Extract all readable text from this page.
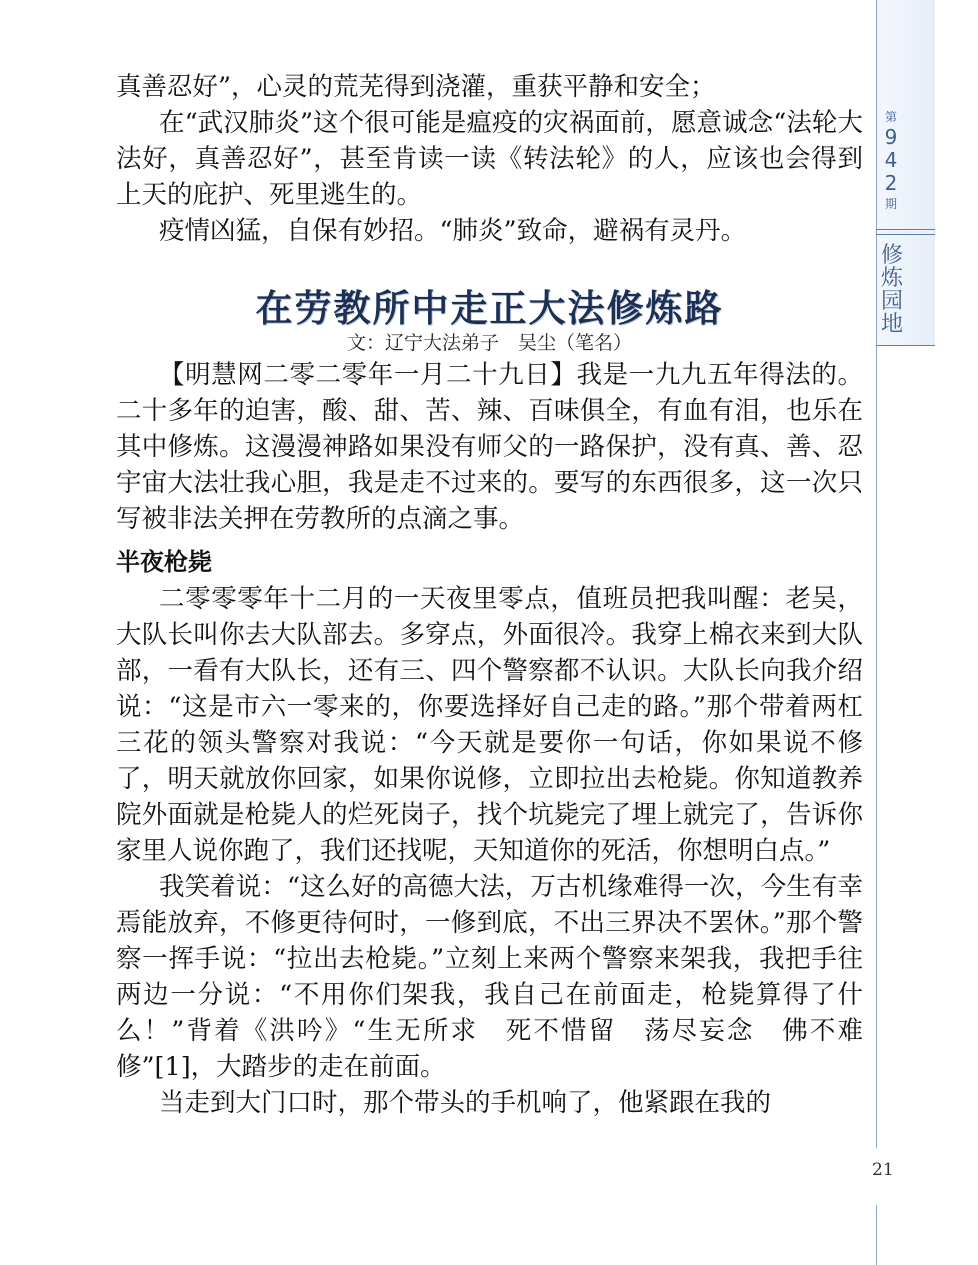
第
9
4
2
期
修
炼
园
地
21

真善忍好”，心灵的荒芜得到浇灌，重获平静和安全；

在“武汉肺炎”这个很可能是瘟疫的灾祸面前，愿意诚念“法轮大法好，真善忍好”，甚至肯读一读《转法轮》的人，应该也会得到上天的庇护、死里逃生的。

疫情凶猛，自保有妙招。“肺炎”致命，避祸有灵丹。

在劳教所中走正大法修炼路
文：辽宁大法弟子　吴尘（笔名）

【明慧网二零二零年一月二十九日】我是一九九五年得法的。二十多年的迫害，酸、甜、苦、辣、百味俱全，有血有泪，也乐在其中修炼。这漫漫神路如果没有师父的一路保护，没有真、善、忍宇宙大法壮我心胆，我是走不过来的。要写的东西很多，这一次只写被非法关押在劳教所的点滴之事。

半夜枪毙

二零零零年十二月的一天夜里零点，值班员把我叫醒：老吴，大队长叫你去大队部去。多穿点，外面很冷。我穿上棉衣来到大队部，一看有大队长，还有三、四个警察都不认识。大队长向我介绍说：“这是市六一零来的，你要选择好自己走的路。”那个带着两杠三花的领头警察对我说：“今天就是要你一句话，你如果说不修了，明天就放你回家，如果你说修，立即拉出去枪毙。你知道教养院外面就是枪毙人的烂死岗子，找个坑毙完了埋上就完了，告诉你家里人说你跑了，我们还找呢，天知道你的死活，你想明白点。”

我笑着说：“这么好的高德大法，万古机缘难得一次，今生有幸焉能放弃，不修更待何时，一修到底，不出三界决不罢休。”那个警察一挥手说：“拉出去枪毙。”立刻上来两个警察来架我，我把手往两边一分说：“不用你们架我，我自己在前面走，枪毙算得了什么！”背着《洪吟》“生无所求　死不惜留　荡尽妄念　佛不难修”[1]，大踏步的走在前面。

当走到大门口时，那个带头的手机响了，他紧跟在我的
